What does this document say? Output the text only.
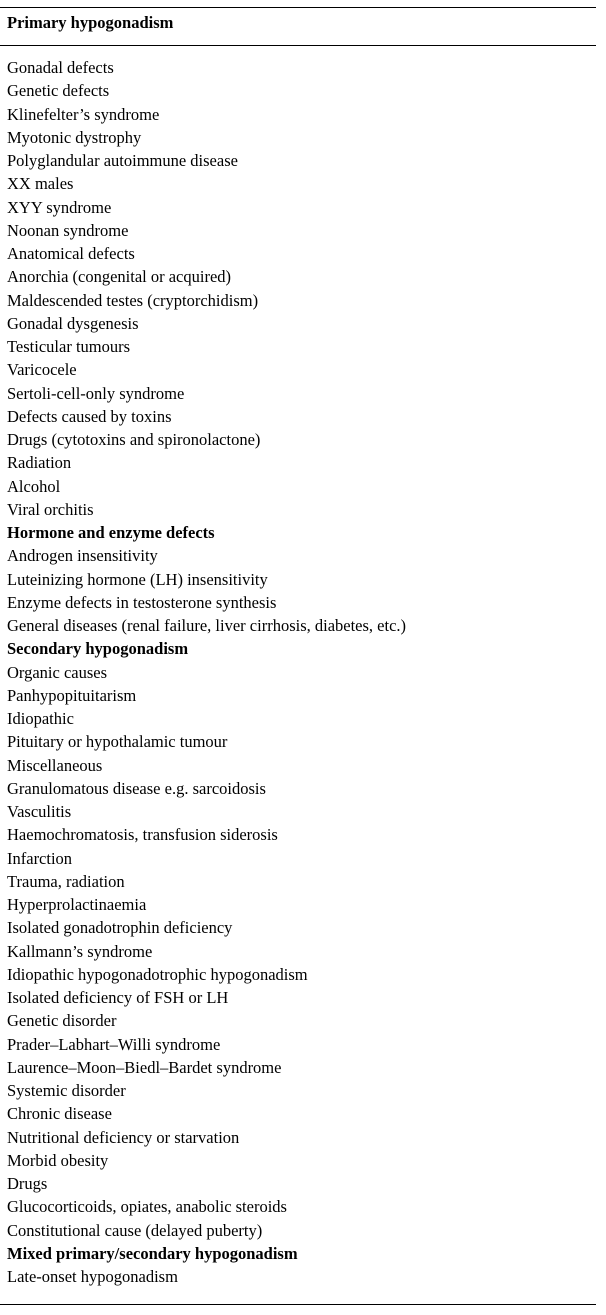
Primary hypogonadism
Gonadal defects
Genetic defects
Klinefelter’s syndrome
Myotonic dystrophy
Polyglandular autoimmune disease
XX males
XYY syndrome
Noonan syndrome
Anatomical defects
Anorchia (congenital or acquired)
Maldescended testes (cryptorchidism)
Gonadal dysgenesis
Testicular tumours
Varicocele
Sertoli-cell-only syndrome
Defects caused by toxins
Drugs (cytotoxins and spironolactone)
Radiation
Alcohol
Viral orchitis
Hormone and enzyme defects
Androgen insensitivity
Luteinizing hormone (LH) insensitivity
Enzyme defects in testosterone synthesis
General diseases (renal failure, liver cirrhosis, diabetes, etc.)
Secondary hypogonadism
Organic causes
Panhypopituitarism
Idiopathic
Pituitary or hypothalamic tumour
Miscellaneous
Granulomatous disease e.g. sarcoidosis
Vasculitis
Haemochromatosis, transfusion siderosis
Infarction
Trauma, radiation
Hyperprolactinaemia
Isolated gonadotrophin deficiency
Kallmann’s syndrome
Idiopathic hypogonadotrophic hypogonadism
Isolated deficiency of FSH or LH
Genetic disorder
Prader–Labhart–Willi syndrome
Laurence–Moon–Biedl–Bardet syndrome
Systemic disorder
Chronic disease
Nutritional deficiency or starvation
Morbid obesity
Drugs
Glucocorticoids, opiates, anabolic steroids
Constitutional cause (delayed puberty)
Mixed primary/secondary hypogonadism
Late-onset hypogonadism
